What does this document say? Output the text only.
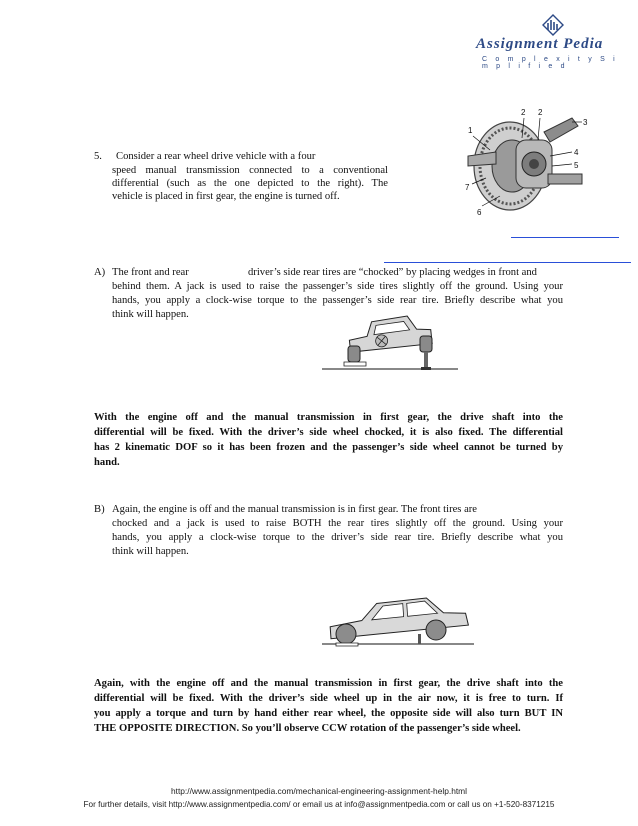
Assignment Pedia
C o m p l e x i t y S i m p l i f i e d
5. Consider a rear wheel drive vehicle with a four
speed manual transmission connected to a conventional
differential (such as the one depicted to the right). The
vehicle is placed in first gear, the engine is turned off.
1
2 2
3
4
5
6
7
A) The front and rear	driver’s side rear tires are “chocked” by placing wedges in front and
behind them. A jack is used to raise the passenger’s side tires slightly off the ground. Using your
hands, you apply a clock-wise torque to the passenger’s side rear tire. Briefly describe what you
think will happen.
With the engine off and the manual transmission in first gear, the drive shaft into the
differential will be fixed. With the driver’s side wheel chocked, it is also fixed. The differential
has 2 kinematic DOF so it has been frozen and the passenger’s side wheel cannot be turned by
hand.
B) Again, the engine is off and the manual transmission is in first gear. The front tires are
chocked and a jack is used to raise BOTH the rear tires slightly off the ground. Using your
hands, you apply a clock-wise torque to the driver’s side rear tire. Briefly describe what you
think will happen.
Again, with the engine off and the manual transmission in first gear, the drive shaft into the
differential will be fixed. With the driver’s side wheel up in the air now, it is free to turn. If
you apply a torque and turn by hand either rear wheel, the opposite side will also turn BUT IN
THE OPPOSITE DIRECTION. So you’ll observe CCW rotation of the passenger’s side wheel.
http://www.assignmentpedia.com/mechanical-engineering-assignment-help.html
For further details, visit http://www.assignmentpedia.com/ or email us at info@assignmentpedia.com or call us on +1-520-8371215
